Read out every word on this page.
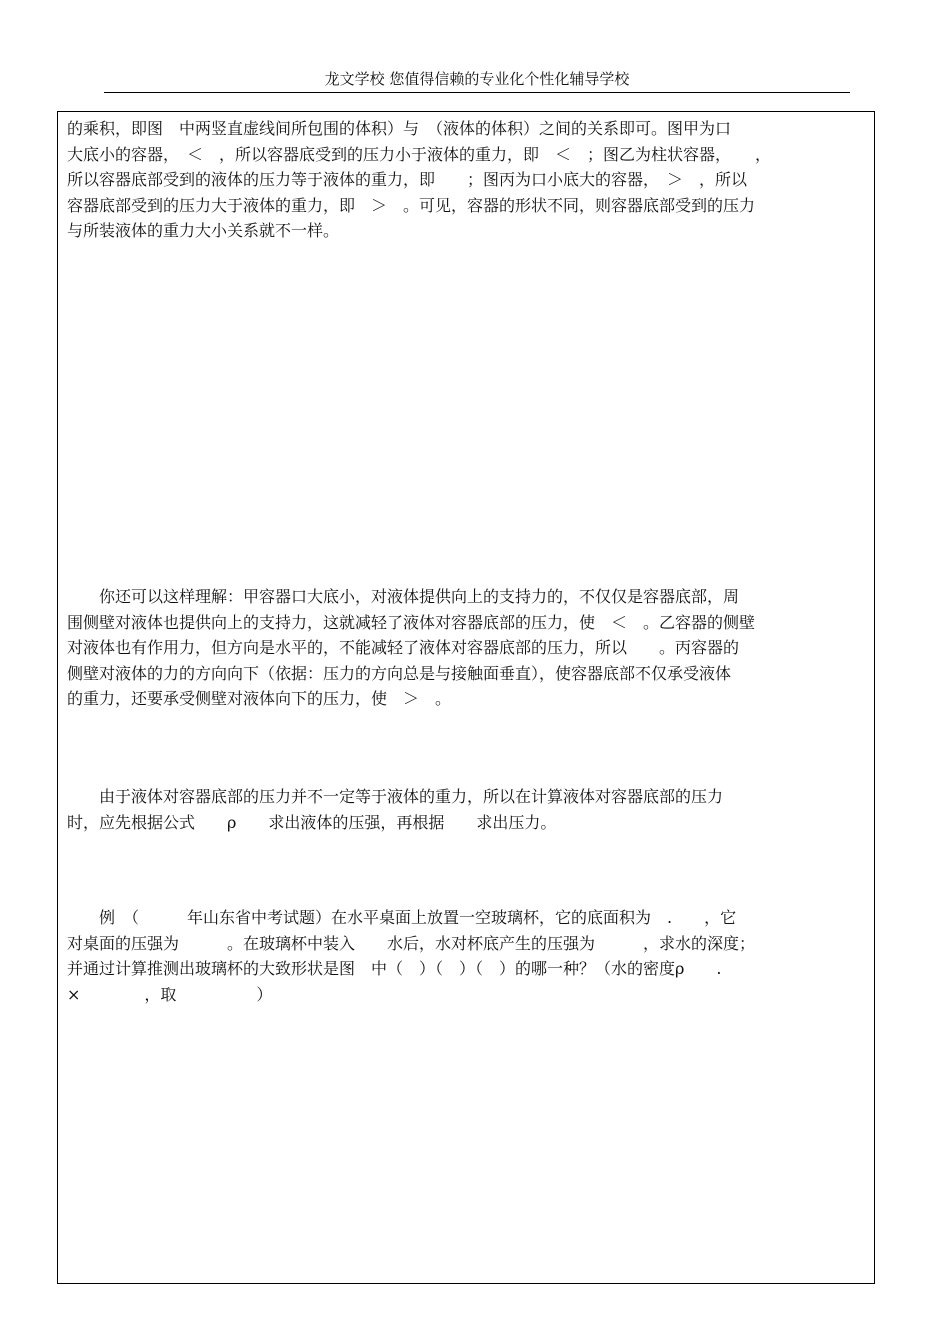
龙文学校 您值得信赖的专业化个性化辅导学校

的乘积，即图　中两竖直虚线间所包围的体积）与　（液体的体积）之间的关系即可。图甲为口
大底小的容器，　＜　，所以容器底受到的压力小于液体的重力，即　＜　；图乙为柱状容器，　　，
所以容器底部受到的液体的压力等于液体的重力，即　　；图丙为口小底大的容器，　＞　，所以
容器底部受到的压力大于液体的重力，即　＞　。可见，容器的形状不同，则容器底部受到的压力
与所装液体的重力大小关系就不一样。

你还可以这样理解：甲容器口大底小，对液体提供向上的支持力的，不仅仅是容器底部，周
围侧壁对液体也提供向上的支持力，这就减轻了液体对容器底部的压力，使　＜　。乙容器的侧壁
对液体也有作用力，但方向是水平的，不能减轻了液体对容器底部的压力，所以　　。丙容器的
侧壁对液体的力的方向向下（依据：压力的方向总是与接触面垂直），使容器底部不仅承受液体
的重力，还要承受侧壁对液体向下的压力，使　＞　。

由于液体对容器底部的压力并不一定等于液体的重力，所以在计算液体对容器底部的压力
时，应先根据公式　　ρ　　求出液体的压强，再根据　　求出压力。

例　（　　　年山东省中考试题）在水平桌面上放置一空玻璃杯，它的底面积为　.　　，它
对桌面的压强为　　　。在玻璃杯中装入　　水后，水对杯底产生的压强为　　　，求水的深度；
并通过计算推测出玻璃杯的大致形状是图　中（　）（　）（　）的哪一种？（水的密度ρ　　.
×　　　　，取　　　　　）
